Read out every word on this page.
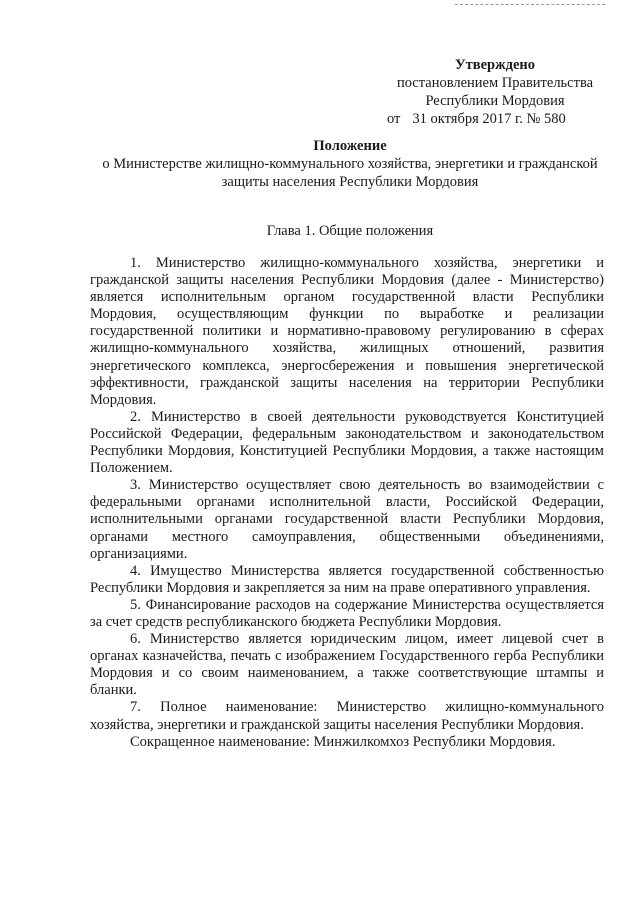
Утверждено
постановлением Правительства
Республики Мордовия
от 31 октября 2017 г. № 580
Положение
о Министерстве жилищно-коммунального хозяйства, энергетики и гражданской защиты населения Республики Мордовия
Глава 1. Общие положения

1. Министерство жилищно-коммунального хозяйства, энергетики и гражданской защиты населения Республики Мордовия (далее - Министерство) является исполнительным органом государственной власти Республики Мордовия, осуществляющим функции по выработке и реализации государственной политики и нормативно-правовому регулированию в сферах жилищно-коммунального хозяйства, жилищных отношений, развития энергетического комплекса, энергосбережения и повышения энергетической эффективности, гражданской защиты населения на территории Республики Мордовия.

2. Министерство в своей деятельности руководствуется Конституцией Российской Федерации, федеральным законодательством и законодательством Республики Мордовия, Конституцией Республики Мордовия, а также настоящим Положением.

3. Министерство осуществляет свою деятельность во взаимодействии с федеральными органами исполнительной власти, Российской Федерации, исполнительными органами государственной власти Республики Мордовия, органами местного самоуправления, общественными объединениями, организациями.

4. Имущество Министерства является государственной собственностью Республики Мордовия и закрепляется за ним на праве оперативного управления.

5. Финансирование расходов на содержание Министерства осуществляется за счет средств республиканского бюджета Республики Мордовия.

6. Министерство является юридическим лицом, имеет лицевой счет в органах казначейства, печать с изображением Государственного герба Республики Мордовия и со своим наименованием, а также соответствующие штампы и бланки.

7. Полное наименование: Министерство жилищно-коммунального хозяйства, энергетики и гражданской защиты населения Республики Мордовия.

Сокращенное наименование: Минжилкомхоз Республики Мордовия.
